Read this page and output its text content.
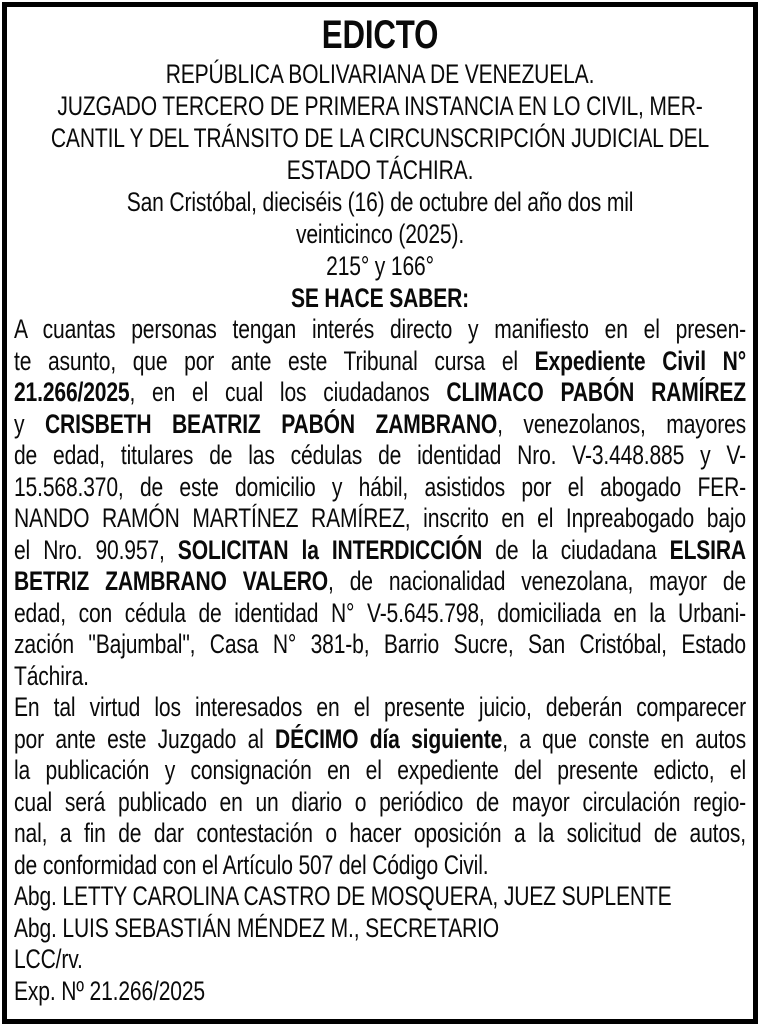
EDICTO
REPÚBLICA BOLIVARIANA DE VENEZUELA.
JUZGADO TERCERO DE PRIMERA INSTANCIA EN LO CIVIL, MER-
CANTIL Y DEL TRÁNSITO DE LA CIRCUNSCRIPCIÓN JUDICIAL DEL
ESTADO TÁCHIRA.
San Cristóbal, dieciséis (16) de octubre del año dos mil
veinticinco (2025).
215° y 166°
SE HACE SABER:
A cuantas personas tengan interés directo y manifiesto en el presen-
te asunto, que por ante este Tribunal cursa el Expediente Civil N°
21.266/2025, en el cual los ciudadanos CLIMACO PABÓN RAMÍREZ
y CRISBETH BEATRIZ PABÓN ZAMBRANO, venezolanos, mayores
de edad, titulares de las cédulas de identidad Nro. V-3.448.885 y V-
15.568.370, de este domicilio y hábil, asistidos por el abogado FER-
NANDO RAMÓN MARTÍNEZ RAMÍREZ, inscrito en el Inpreabogado bajo
el Nro. 90.957, SOLICITAN la INTERDICCIÓN de la ciudadana ELSIRA
BETRIZ ZAMBRANO VALERO, de nacionalidad venezolana, mayor de
edad, con cédula de identidad N° V-5.645.798, domiciliada en la Urbani-
zación "Bajumbal", Casa N° 381-b, Barrio Sucre, San Cristóbal, Estado
Táchira.
En tal virtud los interesados en el presente juicio, deberán comparecer
por ante este Juzgado al DÉCIMO día siguiente, a que conste en autos
la publicación y consignación en el expediente del presente edicto, el
cual será publicado en un diario o periódico de mayor circulación regio-
nal, a fin de dar contestación o hacer oposición a la solicitud de autos,
de conformidad con el Artículo 507 del Código Civil.
Abg. LETTY CAROLINA CASTRO DE MOSQUERA, JUEZ SUPLENTE
Abg. LUIS SEBASTIÁN MÉNDEZ M., SECRETARIO
LCC/rv.
Exp. Nº 21.266/2025
